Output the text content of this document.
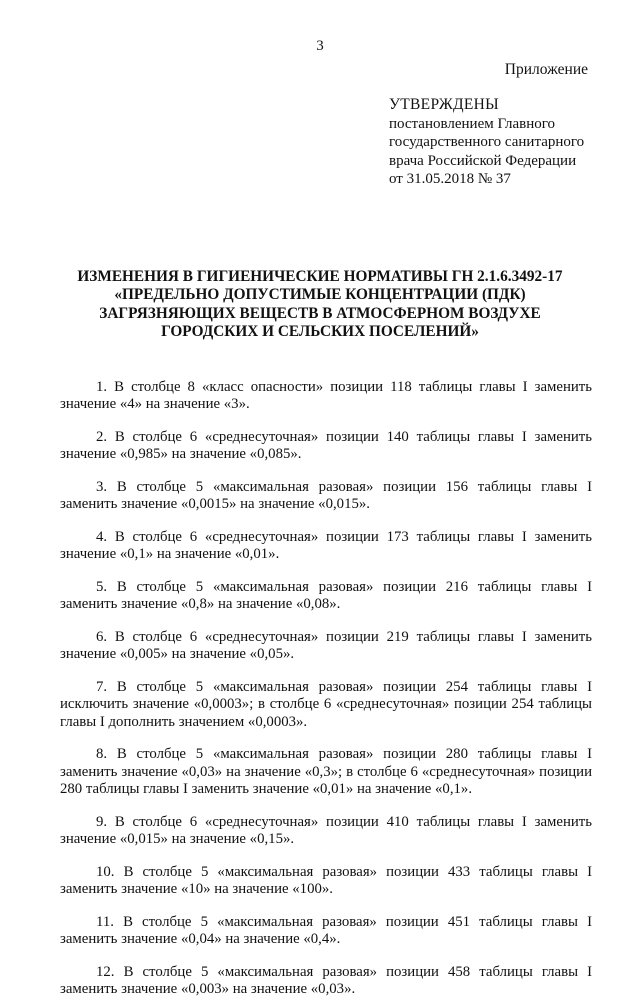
3
Приложение
УТВЕРЖДЕНЫ
постановлением Главного
государственного санитарного
врача Российской Федерации
от 31.05.2018 № 37
ИЗМЕНЕНИЯ В ГИГИЕНИЧЕСКИЕ НОРМАТИВЫ ГН 2.1.6.3492-17
«ПРЕДЕЛЬНО ДОПУСТИМЫЕ КОНЦЕНТРАЦИИ (ПДК)
ЗАГРЯЗНЯЮЩИХ ВЕЩЕСТВ В АТМОСФЕРНОМ ВОЗДУХЕ
ГОРОДСКИХ И СЕЛЬСКИХ ПОСЕЛЕНИЙ»

1. В столбце 8 «класс опасности» позиции 118 таблицы главы I заменить значение «4» на значение «3».

2. В столбце 6 «среднесуточная» позиции 140 таблицы главы I заменить значение «0,985» на значение «0,085».

3. В столбце 5 «максимальная разовая» позиции 156 таблицы главы I заменить значение «0,0015» на значение «0,015».

4. В столбце 6 «среднесуточная» позиции 173 таблицы главы I заменить значение «0,1» на значение «0,01».

5. В столбце 5 «максимальная разовая» позиции 216 таблицы главы I заменить значение «0,8» на значение «0,08».

6. В столбце 6 «среднесуточная» позиции 219 таблицы главы I заменить значение «0,005» на значение «0,05».

7. В столбце 5 «максимальная разовая» позиции 254 таблицы главы I исключить значение «0,0003»; в столбце 6 «среднесуточная» позиции 254 таблицы главы I дополнить значением «0,0003».

8. В столбце 5 «максимальная разовая» позиции 280 таблицы главы I заменить значение «0,03» на значение «0,3»; в столбце 6 «среднесуточная» позиции 280 таблицы главы I заменить значение «0,01» на значение «0,1».

9. В столбце 6 «среднесуточная» позиции 410 таблицы главы I заменить значение «0,015» на значение «0,15».

10. В столбце 5 «максимальная разовая» позиции 433 таблицы главы I заменить значение «10» на значение «100».

11. В столбце 5 «максимальная разовая» позиции 451 таблицы главы I заменить значение «0,04» на значение «0,4».

12. В столбце 5 «максимальная разовая» позиции 458 таблицы главы I заменить значение «0,003» на значение «0,03».
